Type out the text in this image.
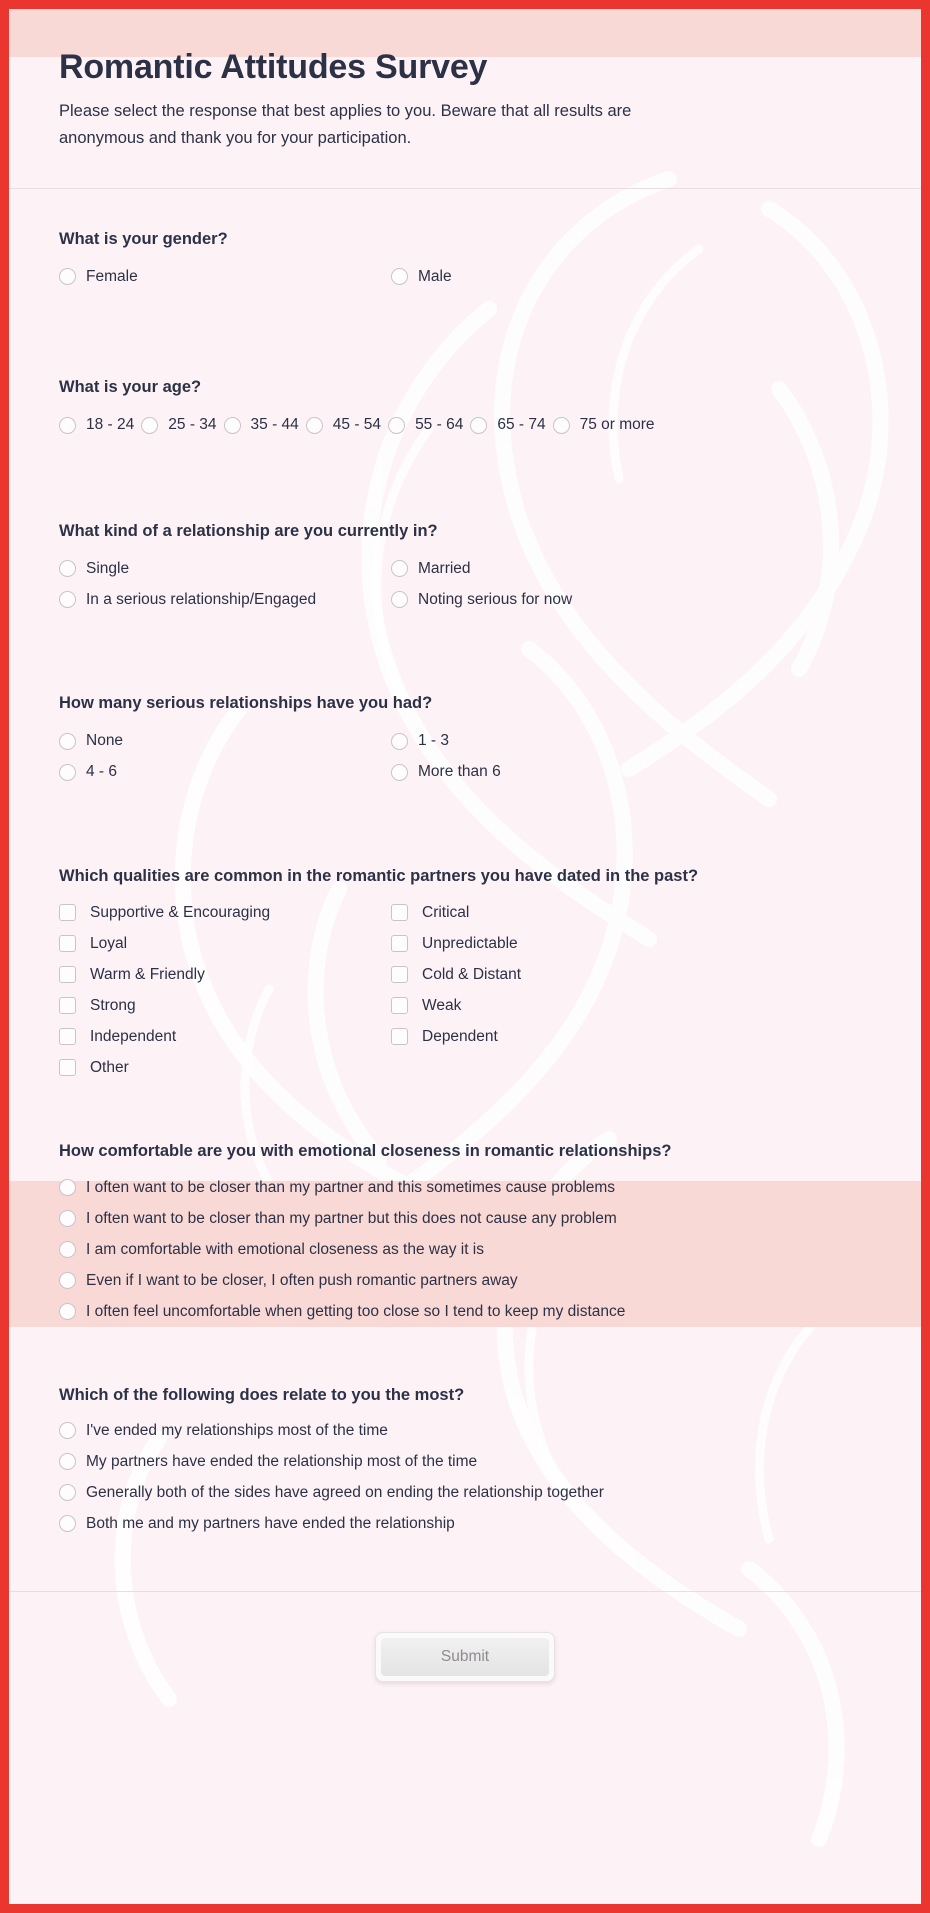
Romantic Attitudes Survey

Please select the response that best applies to you. Beware that all results are anonymous and thank you for your participation.

What is your gender?
Female	Male
What is your age?
18 - 24 25 - 34 35 - 44 45 - 54 55 - 64 65 - 74 75 or more
What kind of a relationship are you currently in?
Single	Married
In a serious relationship/Engaged	Noting serious for now
How many serious relationships have you had?
None	1 - 3
4 - 6	More than 6
Which qualities are common in the romantic partners you have dated in the past?
Supportive & Encouraging	Critical
Loyal	Unpredictable
Warm & Friendly	Cold & Distant
Strong	Weak
Independent	Dependent
Other
How comfortable are you with emotional closeness in romantic relationships?
I often want to be closer than my partner and this sometimes cause problems
I often want to be closer than my partner but this does not cause any problem
I am comfortable with emotional closeness as the way it is
Even if I want to be closer, I often push romantic partners away
I often feel uncomfortable when getting too close so I tend to keep my distance
Which of the following does relate to you the most?
I've ended my relationships most of the time
My partners have ended the relationship most of the time
Generally both of the sides have agreed on ending the relationship together
Both me and my partners have ended the relationship
Submit
